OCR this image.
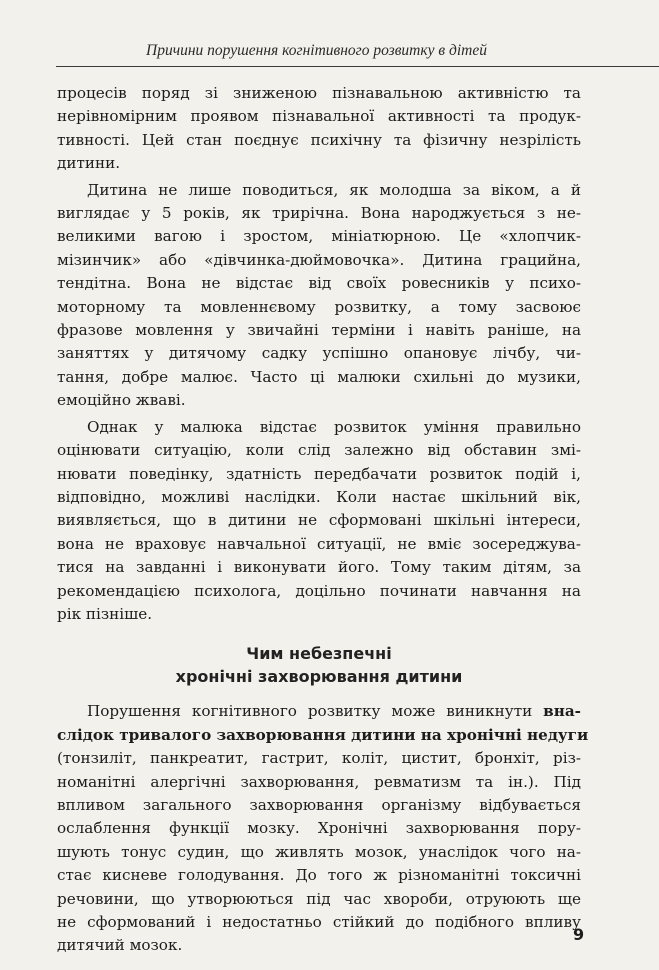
Причини порушення когнітивного розвитку в дітей

процесів поряд зі зниженою пізнавальною активністю та
нерівномірним проявом пізнавальної активності та продук-
тивності. Цей стан поєднує психічну та фізичну незрілість
дитини.

Дитина не лише поводиться, як молодша за віком, а й
виглядає у 5 років, як трирічна. Вона народжується з не-
великими вагою і зростом, мініатюрною. Це «хлопчик-
мізинчик» або «дівчинка-дюймовочка». Дитина грацийна,
тендітна. Вона не відстає від своїх ровесників у психо-
моторному та мовленнєвому розвитку, а тому засвоює
фразове мовлення у звичайні терміни і навіть раніше, на
заняттях у дитячому садку успішно опановує лічбу, чи-
тання, добре малює. Часто ці малюки схильні до музики,
емоційно жваві.

Однак у малюка відстає розвиток уміння правильно
оцінювати ситуацію, коли слід залежно від обставин змі-
нювати поведінку, здатність передбачати розвиток подій і,
відповідно, можливі наслідки. Коли настає шкільний вік,
виявляється, що в дитини не сформовані шкільні інтереси,
вона не враховує навчальної ситуації, не вміє зосереджува-
тися на завданні і виконувати його. Тому таким дітям, за
рекомендацією психолога, доцільно починати навчання на
рік пізніше.

Чим небезпечні
хронічні захворювання дитини

Порушення когнітивного розвитку може виникнути вна-
слідок тривалого захворювання дитини на хронічні недуги
(тонзиліт, панкреатит, гастрит, коліт, цистит, бронхіт, різ-
номанітні алергічні захворювання, ревматизм та ін.). Під
впливом загального захворювання організму відбувається
ослаблення функції мозку. Хронічні захворювання пору-
шують тонус судин, що живлять мозок, унаслідок чого на-
стає кисневе голодування. До того ж різноманітні токсичні
речовини, що утворюються під час хвороби, отруюють ще
не сформований і недостатньо стійкий до подібного впливу
дитячий мозок.

9
